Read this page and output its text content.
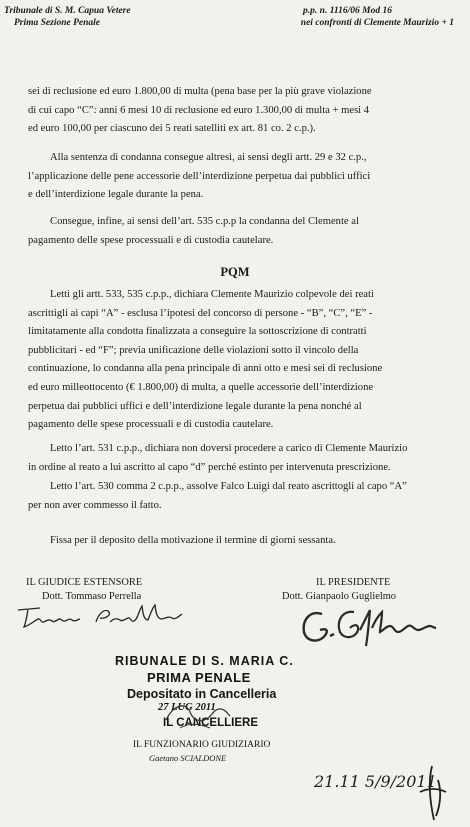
Tribunale di S. M. Capua Vetere
Prima Sezione Penale
p.p. n. 1116/06 Mod 16
nei confronti di Clemente Maurizio + 1
sei di reclusione ed euro 1.800,00 di multa (pena base per la più grave violazione
di cui capo “C”: anni 6 mesi 10 di reclusione ed euro 1.300,00 di multa + mesi 4
ed euro 100,00 per ciascuno dei 5 reati satelliti ex art. 81 co. 2 c.p.).
Alla sentenza di condanna consegue altresì, ai sensi degli artt. 29 e 32 c.p.,
l’applicazione delle pene accessorie dell’interdizione perpetua dai pubblici uffici
e dell’interdizione legale durante la pena.
Consegue, infine, ai sensi dell’art. 535 c.p.p la condanna del Clemente al
pagamento delle spese processuali e di custodia cautelare.
PQM
Letti gli artt. 533, 535 c.p.p., dichiara Clemente Maurizio colpevole dei reati
ascrittigli ai capi “A” - esclusa l’ipotesi del concorso di persone - “B”, “C”, “E” -
limitatamente alla condotta finalizzata a conseguire la sottoscrizione di contratti
pubblicitari - ed “F”; previa unificazione delle violazioni sotto il vincolo della
continuazione, lo condanna alla pena principale di anni otto e mesi sei di reclusione
ed euro milleottocento (€ 1.800,00) di multa, a quelle accessorie dell’interdizione
perpetua dai pubblici uffici e dell’interdizione legale durante la pena nonché al
pagamento delle spese processuali e di custodia cautelare.
Letto l’art. 531 c.p.p., dichiara non doversi procedere a carico di Clemente Maurizio
in ordine al reato a lui ascritto al capo “d” perché estinto per intervenuta prescrizione.
Letto l’art. 530 comma 2 c.p.p., assolve Falco Luigi dal reato ascrittogli al capo “A”
per non aver commesso il fatto.
Fissa per il deposito della motivazione il termine di giorni sessanta.
IL GIUDICE ESTENSORE
Dott. Tommaso Perrella
IL PRESIDENTE
Dott. Gianpaolo Guglielmo
RIBUNALE DI S. MARIA C.
PRIMA PENALE
Depositato in Cancelleria
27 LUG 2011
IL CANCELLIERE
IL FUNZIONARIO GIUDIZIARIO
Gaetano SCIALDONE
21.11 5/9/2011
